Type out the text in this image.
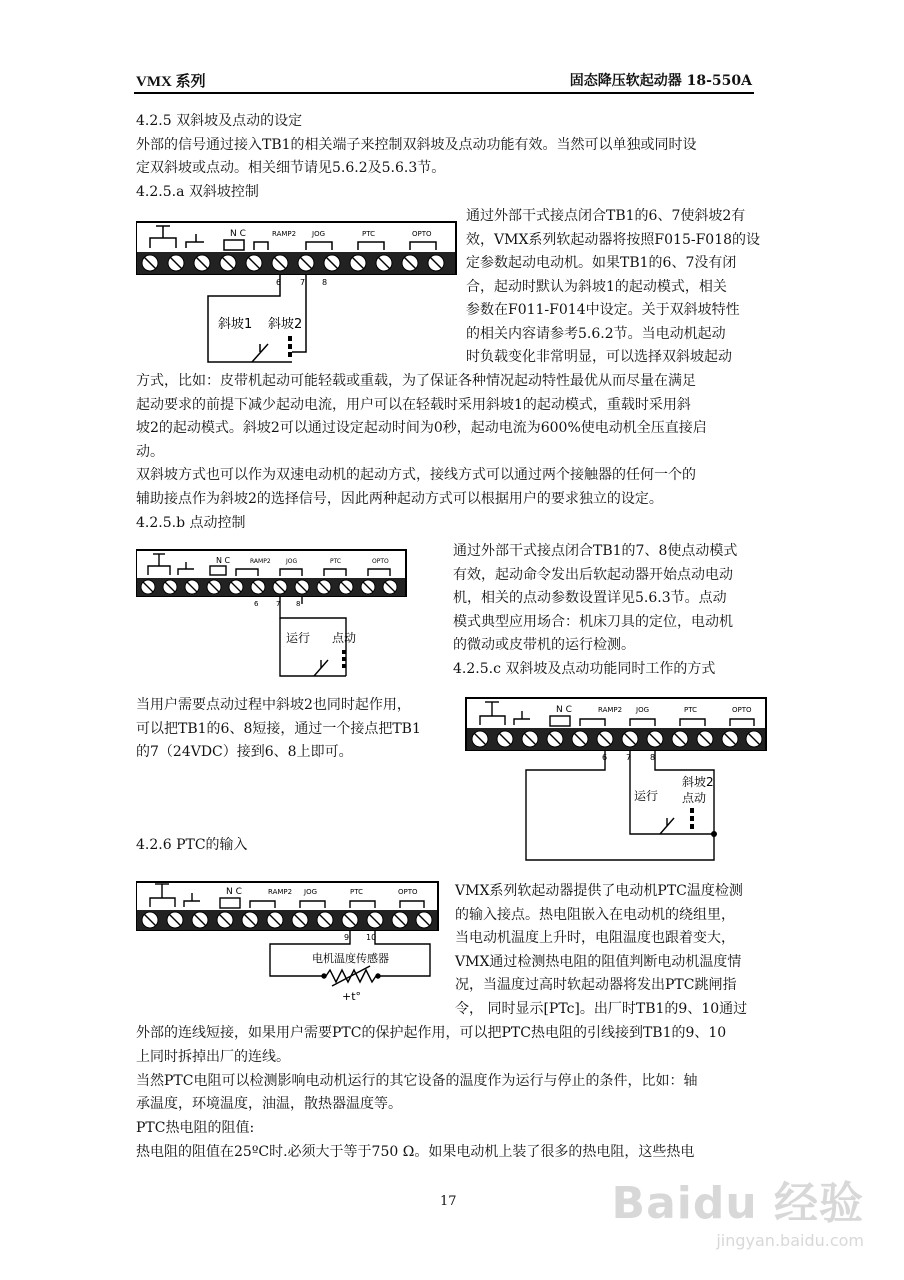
VMX 系列	固态降压软起动器 18-550A
4.2.5 双斜坡及点动的设定
外部的信号通过接入TB1的相关端子来控制双斜坡及点动功能有效。当然可以单独或同时设
定双斜坡或点动。相关细节请见5.6.2及5.6.3节。
4.2.5.a 双斜坡控制
N C	RAMP2 JOG	PTC	OPTO
6 7 8
斜坡1 斜坡2
通过外部干式接点闭合TB1的6、7使斜坡2有
效，VMX系列软起动器将按照F015-F018的设
定参数起动电动机。如果TB1的6、7没有闭
合，起动时默认为斜坡1的起动模式，相关
参数在F011-F014中设定。关于双斜坡特性
的相关内容请参考5.6.2节。当电动机起动
时负载变化非常明显，可以选择双斜坡起动
方式，比如：皮带机起动可能轻载或重载，为了保证各种情况起动特性最优从而尽量在满足
起动要求的前提下减少起动电流，用户可以在轻载时采用斜坡1的起动模式，重载时采用斜
坡2的起动模式。斜坡2可以通过设定起动时间为0秒，起动电流为600%使电动机全压直接启
动。
双斜坡方式也可以作为双速电动机的起动方式，接线方式可以通过两个接触器的任何一个的
辅助接点作为斜坡2的选择信号，因此两种起动方式可以根据用户的要求独立的设定。
4.2.5.b 点动控制
N C	RAMP2	JOG	PTC	OPTO
6	7 8
运行 点动
通过外部干式接点闭合TB1的7、8使点动模式
有效，起动命令发出后软起动器开始点动电动
机，相关的点动参数设置详见5.6.3节。点动
模式典型应用场合：机床刀具的定位，电动机
的微动或皮带机的运行检测。
4.2.5.c 双斜坡及点动功能同时工作的方式
N C	RAMP2 JOG	PTC	OPTO
6 7 8
运行
斜坡2
点动
当用户需要点动过程中斜坡2也同时起作用，
可以把TB1的6、8短接，通过一个接点把TB1
的7（24VDC）接到6、8上即可。
4.2.6 PTC的输入
N C	RAMP2 JOG	PTC	OPTO
9 10
电机温度传感器
+t°
VMX系列软起动器提供了电动机PTC温度检测
的输入接点。热电阻嵌入在电动机的绕组里，
当电动机温度上升时，电阻温度也跟着变大，
VMX通过检测热电阻的阻值判断电动机温度情
况，当温度过高时软起动器将发出PTC跳闸指
令， 同时显示[PTc]。出厂时TB1的9、10通过
外部的连线短接，如果用户需要PTC的保护起作用，可以把PTC热电阻的引线接到TB1的9、10
上同时拆掉出厂的连线。
当然PTC电阻可以检测影响电动机运行的其它设备的温度作为运行与停止的条件，比如：轴
承温度，环境温度，油温，散热器温度等。
PTC热电阻的阻值:
热电阻的阻值在25ºC时.必须大于等于750 Ω。如果电动机上装了很多的热电阻，这些热电
17	Baidu 经验
jingyan.baidu.com
